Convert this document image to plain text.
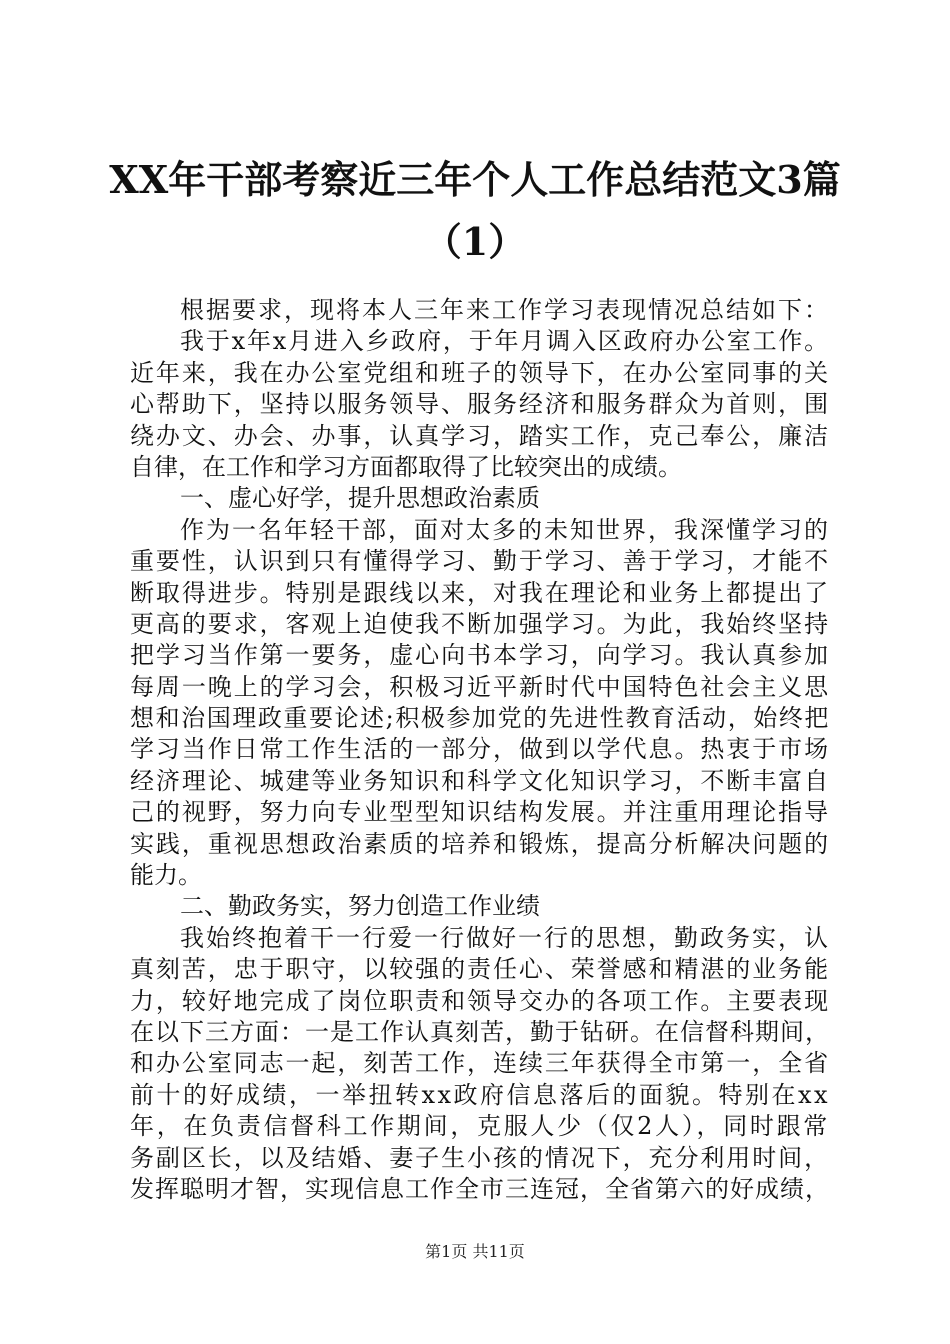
XX年干部考察近三年个人工作总结范文3篇
（1）
根据要求，现将本人三年来工作学习表现情况总结如下：
我于x年x月进入乡政府，于年月调入区政府办公室工作。
近年来，我在办公室党组和班子的领导下，在办公室同事的关
心帮助下，坚持以服务领导、服务经济和服务群众为首则，围
绕办文、办会、办事，认真学习，踏实工作，克己奉公，廉洁
自律，在工作和学习方面都取得了比较突出的成绩。
一、虚心好学，提升思想政治素质
作为一名年轻干部，面对太多的未知世界，我深懂学习的
重要性，认识到只有懂得学习、勤于学习、善于学习，才能不
断取得进步。特别是跟线以来，对我在理论和业务上都提出了
更高的要求，客观上迫使我不断加强学习。为此，我始终坚持
把学习当作第一要务，虚心向书本学习，向学习。我认真参加
每周一晚上的学习会，积极习近平新时代中国特色社会主义思
想和治国理政重要论述;积极参加党的先进性教育活动，始终把
学习当作日常工作生活的一部分，做到以学代息。热衷于市场
经济理论、城建等业务知识和科学文化知识学习，不断丰富自
己的视野，努力向专业型型知识结构发展。并注重用理论指导
实践，重视思想政治素质的培养和锻炼，提高分析解决问题的
能力。
二、勤政务实，努力创造工作业绩
我始终抱着干一行爱一行做好一行的思想，勤政务实，认
真刻苦，忠于职守，以较强的责任心、荣誉感和精湛的业务能
力，较好地完成了岗位职责和领导交办的各项工作。主要表现
在以下三方面：一是工作认真刻苦，勤于钻研。在信督科期间，
和办公室同志一起，刻苦工作，连续三年获得全市第一，全省
前十的好成绩，一举扭转xx政府信息落后的面貌。特别在xx
年，在负责信督科工作期间，克服人少（仅2人），同时跟常
务副区长，以及结婚、妻子生小孩的情况下，充分利用时间，
发挥聪明才智，实现信息工作全市三连冠，全省第六的好成绩，
第1页 共11页
